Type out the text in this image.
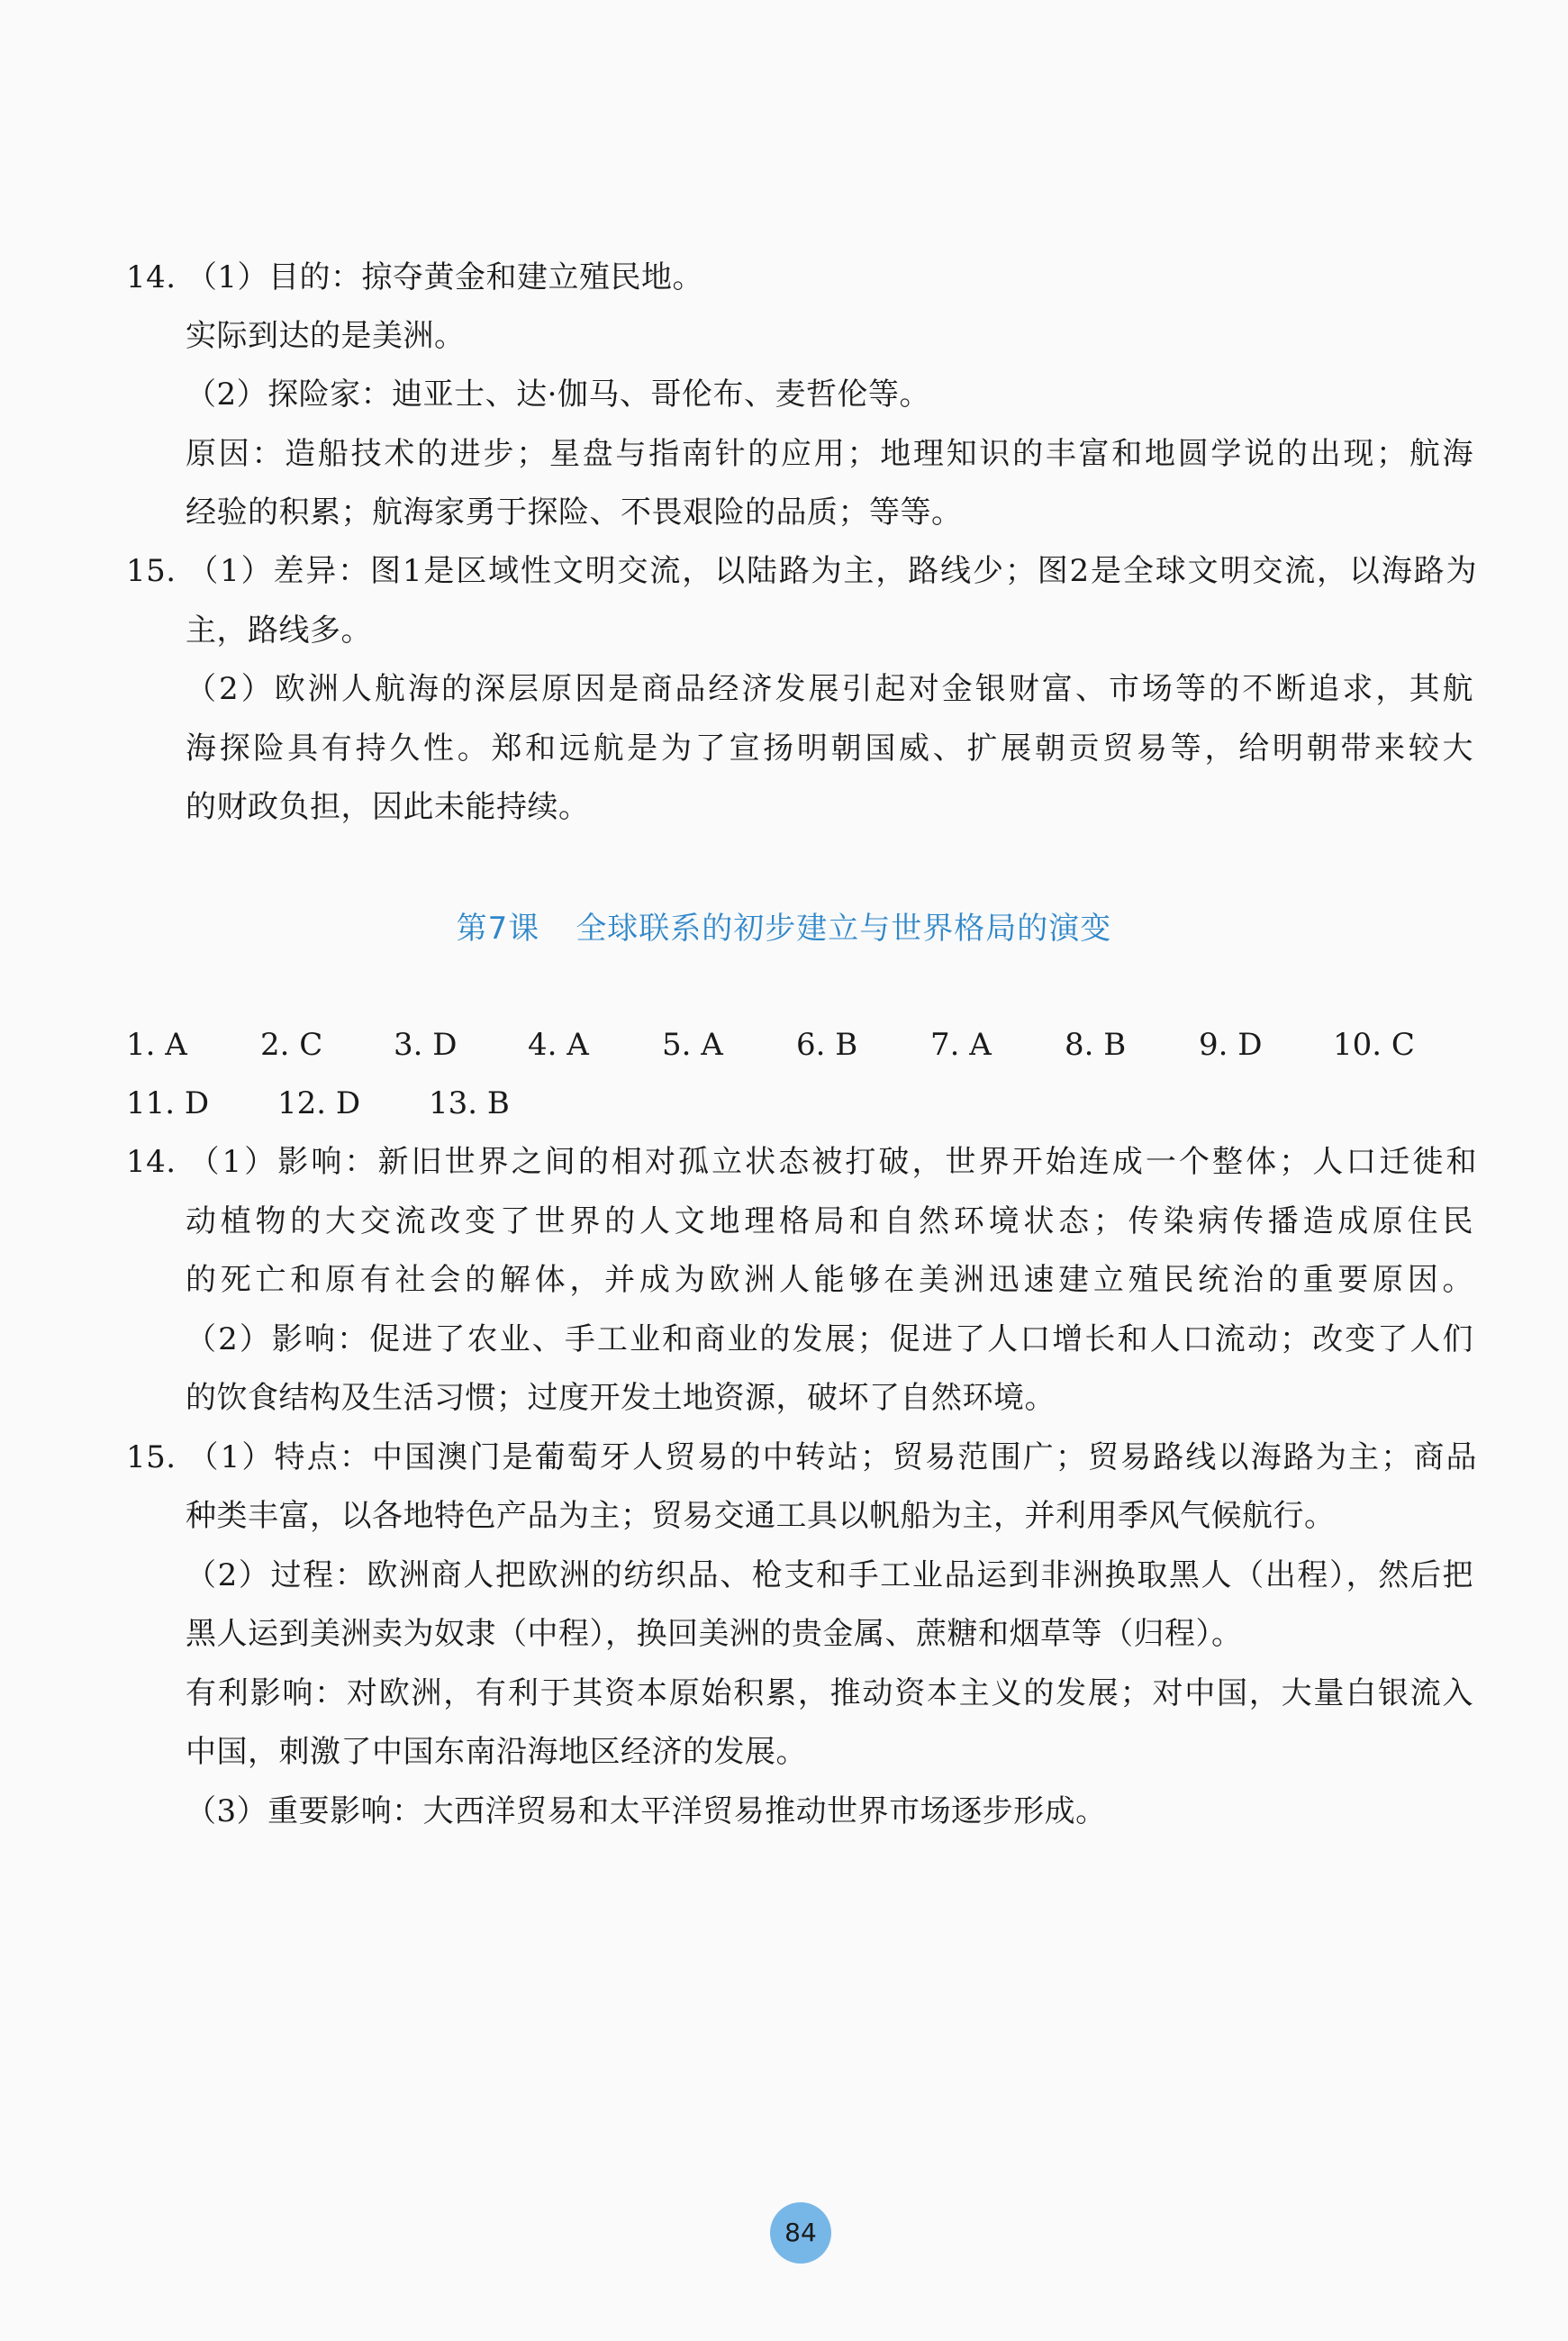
14. （1）目的：掠夺黄金和建立殖民地。
实际到达的是美洲。
（2）探险家：迪亚士、达·伽马、哥伦布、麦哲伦等。
原因：造船技术的进步；星盘与指南针的应用；地理知识的丰富和地圆学说的出现；航海
经验的积累；航海家勇于探险、不畏艰险的品质；等等。
15. （1）差异：图1是区域性文明交流，以陆路为主，路线少；图2是全球文明交流，以海路为
主，路线多。
（2）欧洲人航海的深层原因是商品经济发展引起对金银财富、市场等的不断追求，其航
海探险具有持久性。郑和远航是为了宣扬明朝国威、扩展朝贡贸易等，给明朝带来较大
的财政负担，因此未能持续。
第7课 全球联系的初步建立与世界格局的演变
1. A 2. C 3. D 4. A 5. A 6. B 7. A 8. B 9. D 10. C
11. D 12. D 13. B
14. （1）影响：新旧世界之间的相对孤立状态被打破，世界开始连成一个整体；人口迁徙和
动植物的大交流改变了世界的人文地理格局和自然环境状态；传染病传播造成原住民
的死亡和原有社会的解体，并成为欧洲人能够在美洲迅速建立殖民统治的重要原因。
（2）影响：促进了农业、手工业和商业的发展；促进了人口增长和人口流动；改变了人们
的饮食结构及生活习惯；过度开发土地资源，破坏了自然环境。
15. （1）特点：中国澳门是葡萄牙人贸易的中转站；贸易范围广；贸易路线以海路为主；商品
种类丰富，以各地特色产品为主；贸易交通工具以帆船为主，并利用季风气候航行。
（2）过程：欧洲商人把欧洲的纺织品、枪支和手工业品运到非洲换取黑人（出程），然后把
黑人运到美洲卖为奴隶（中程），换回美洲的贵金属、蔗糖和烟草等（归程）。
有利影响：对欧洲，有利于其资本原始积累，推动资本主义的发展；对中国，大量白银流入
中国，刺激了中国东南沿海地区经济的发展。
（3）重要影响：大西洋贸易和太平洋贸易推动世界市场逐步形成。
84
